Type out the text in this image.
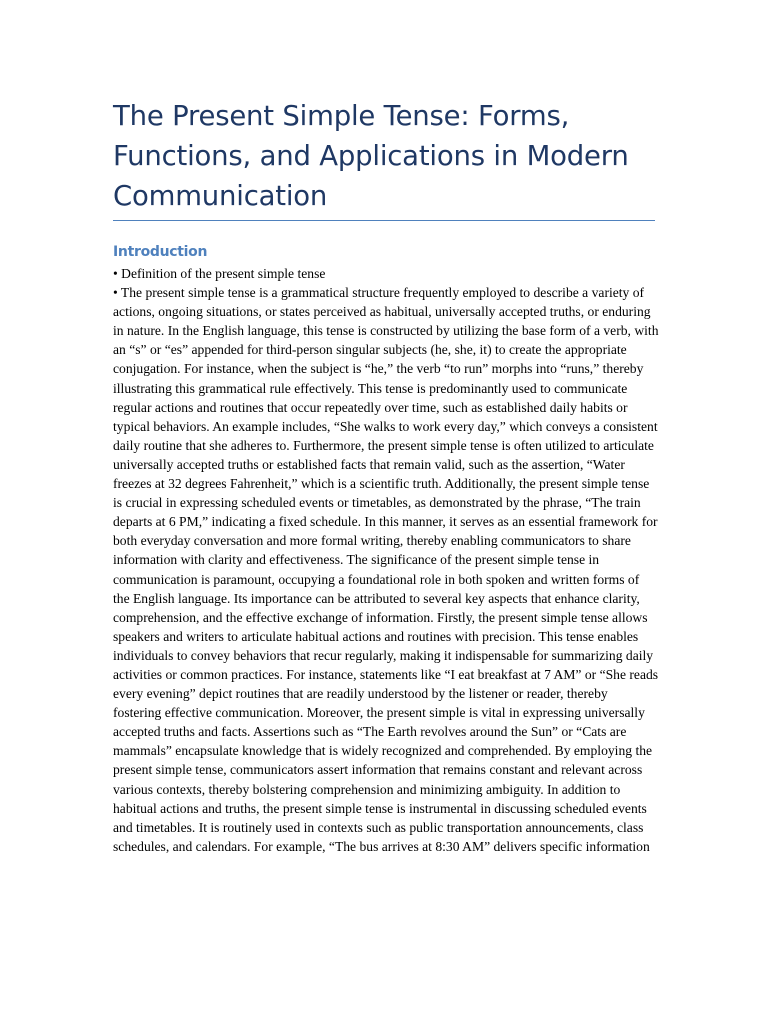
The Present Simple Tense: Forms, Functions, and Applications in Modern Communication
Introduction

• Definition of the present simple tense

• The present simple tense is a grammatical structure frequently employed to describe a variety of actions, ongoing situations, or states perceived as habitual, universally accepted truths, or enduring in nature. In the English language, this tense is constructed by utilizing the base form of a verb, with an “s” or “es” appended for third-person singular subjects (he, she, it) to create the appropriate conjugation. For instance, when the subject is “he,” the verb “to run” morphs into “runs,” thereby illustrating this grammatical rule effectively. This tense is predominantly used to communicate regular actions and routines that occur repeatedly over time, such as established daily habits or typical behaviors. An example includes, “She walks to work every day,” which conveys a consistent daily routine that she adheres to. Furthermore, the present simple tense is often utilized to articulate universally accepted truths or established facts that remain valid, such as the assertion, “Water freezes at 32 degrees Fahrenheit,” which is a scientific truth. Additionally, the present simple tense is crucial in expressing scheduled events or timetables, as demonstrated by the phrase, “The train departs at 6 PM,” indicating a fixed schedule. In this manner, it serves as an essential framework for both everyday conversation and more formal writing, thereby enabling communicators to share information with clarity and effectiveness. The significance of the present simple tense in communication is paramount, occupying a foundational role in both spoken and written forms of the English language. Its importance can be attributed to several key aspects that enhance clarity, comprehension, and the effective exchange of information. Firstly, the present simple tense allows speakers and writers to articulate habitual actions and routines with precision. This tense enables individuals to convey behaviors that recur regularly, making it indispensable for summarizing daily activities or common practices. For instance, statements like “I eat breakfast at 7 AM” or “She reads every evening” depict routines that are readily understood by the listener or reader, thereby fostering effective communication. Moreover, the present simple is vital in expressing universally accepted truths and facts. Assertions such as “The Earth revolves around the Sun” or “Cats are mammals” encapsulate knowledge that is widely recognized and comprehended. By employing the present simple tense, communicators assert information that remains constant and relevant across various contexts, thereby bolstering comprehension and minimizing ambiguity. In addition to habitual actions and truths, the present simple tense is instrumental in discussing scheduled events and timetables. It is routinely used in contexts such as public transportation announcements, class schedules, and calendars. For example, “The bus arrives at 8:30 AM” delivers specific information
